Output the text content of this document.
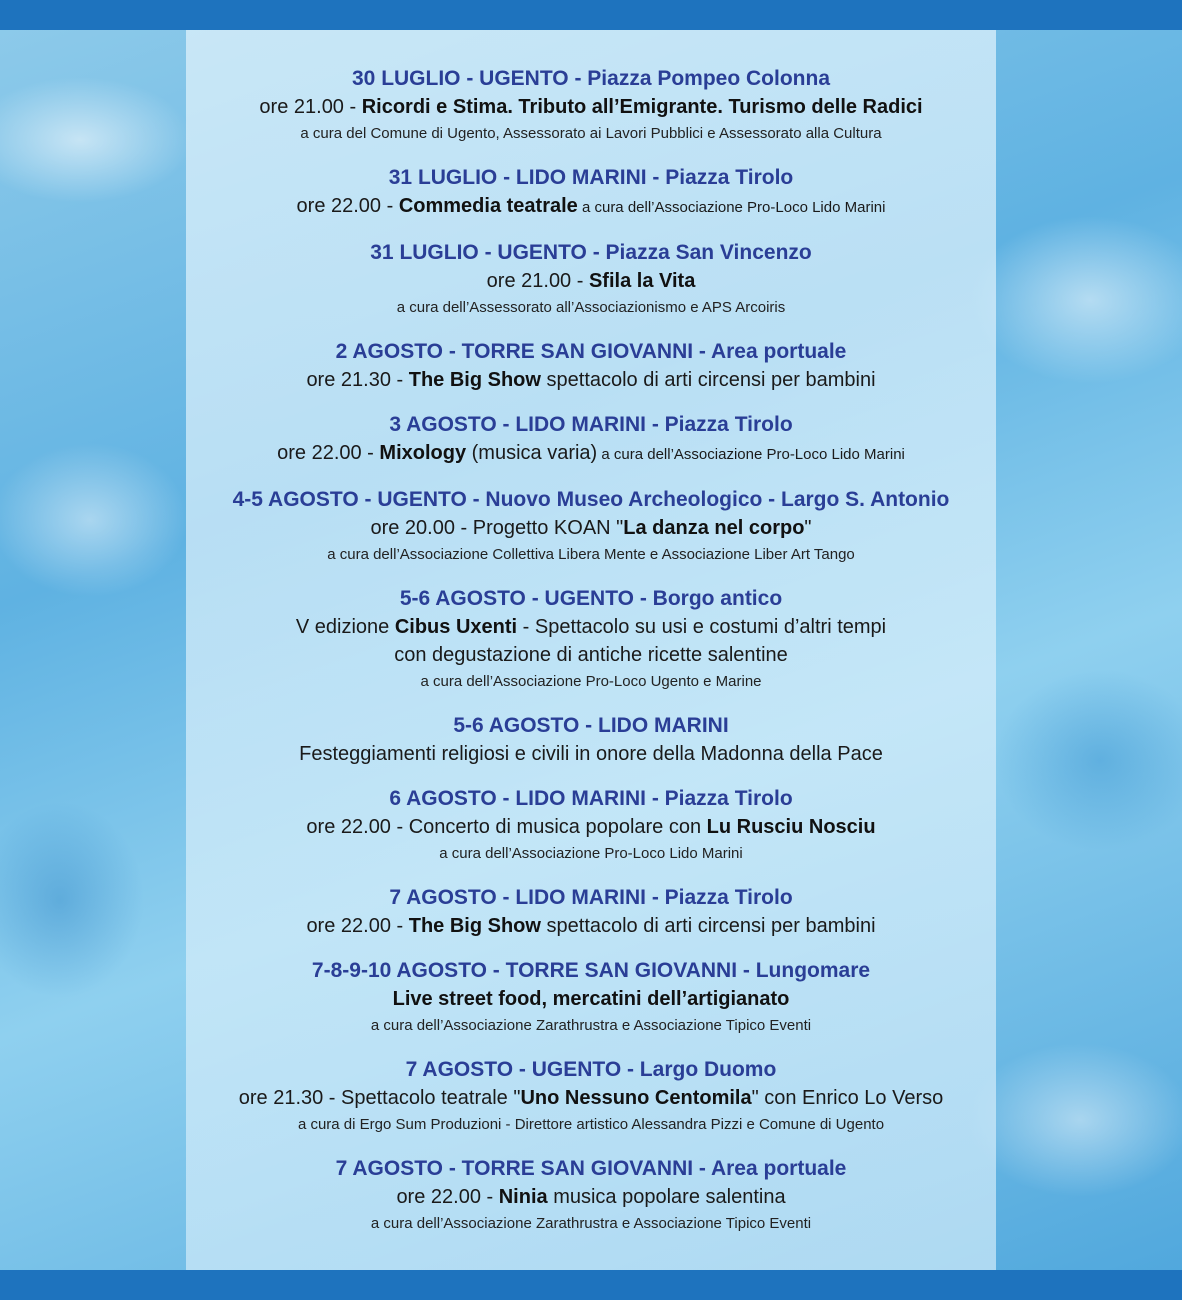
30 LUGLIO - UGENTO - Piazza Pompeo Colonna
ore 21.00 - Ricordi e Stima. Tributo all’Emigrante. Turismo delle Radici
a cura del Comune di Ugento, Assessorato ai Lavori Pubblici e Assessorato alla Cultura
31 LUGLIO - LIDO MARINI - Piazza Tirolo
ore 22.00 - Commedia teatrale a cura dell’Associazione Pro-Loco Lido Marini
31 LUGLIO - UGENTO - Piazza San Vincenzo
ore 21.00 - Sfila la Vita
a cura dell’Assessorato all’Associazionismo e APS Arcoiris
2 AGOSTO - TORRE SAN GIOVANNI - Area portuale
ore 21.30 - The Big Show spettacolo di arti circensi per bambini
3 AGOSTO - LIDO MARINI - Piazza Tirolo
ore 22.00 - Mixology (musica varia) a cura dell’Associazione Pro-Loco Lido Marini
4-5 AGOSTO - UGENTO - Nuovo Museo Archeologico - Largo S. Antonio
ore 20.00 - Progetto KOAN "La danza nel corpo"
a cura dell’Associazione Collettiva Libera Mente e Associazione Liber Art Tango
5-6 AGOSTO - UGENTO - Borgo antico
V edizione Cibus Uxenti - Spettacolo su usi e costumi d’altri tempi
con degustazione di antiche ricette salentine
a cura dell’Associazione Pro-Loco Ugento e Marine
5-6 AGOSTO - LIDO MARINI
Festeggiamenti religiosi e civili in onore della Madonna della Pace
6 AGOSTO - LIDO MARINI - Piazza Tirolo
ore 22.00 - Concerto di musica popolare con Lu Rusciu Nosciu
a cura dell’Associazione Pro-Loco Lido Marini
7 AGOSTO - LIDO MARINI - Piazza Tirolo
ore 22.00 - The Big Show spettacolo di arti circensi per bambini
7-8-9-10 AGOSTO - TORRE SAN GIOVANNI - Lungomare
Live street food, mercatini dell’artigianato
a cura dell’Associazione Zarathrustra e Associazione Tipico Eventi
7 AGOSTO - UGENTO - Largo Duomo
ore 21.30 - Spettacolo teatrale "Uno Nessuno Centomila" con Enrico Lo Verso
a cura di Ergo Sum Produzioni - Direttore artistico Alessandra Pizzi e Comune di Ugento
7 AGOSTO - TORRE SAN GIOVANNI - Area portuale
ore 22.00 - Ninia musica popolare salentina
a cura dell’Associazione Zarathrustra e Associazione Tipico Eventi
